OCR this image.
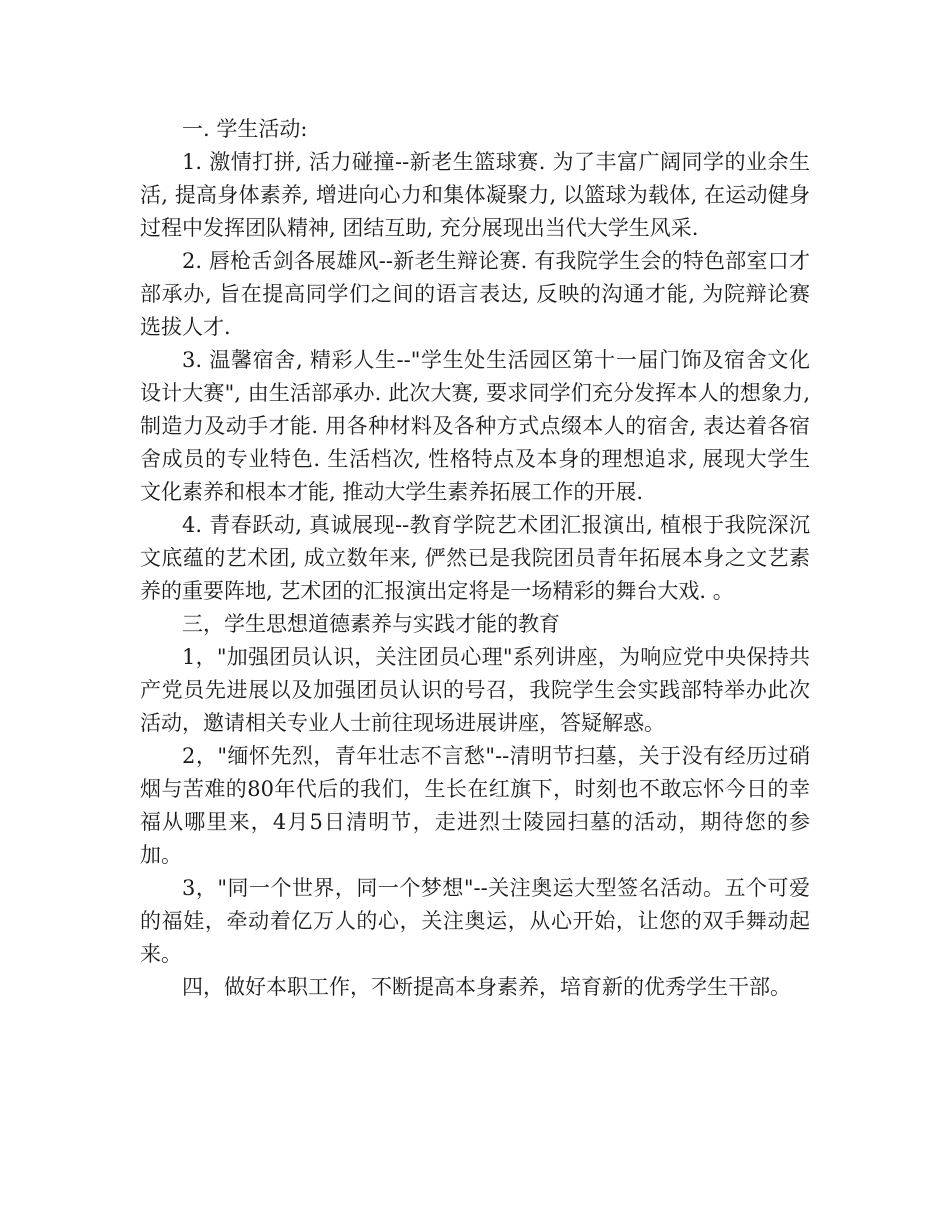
一. 学生活动:

1. 激情打拼, 活力碰撞--新老生篮球赛. 为了丰富广阔同学的业余生活, 提高身体素养, 增进向心力和集体凝聚力, 以篮球为载体, 在运动健身过程中发挥团队精神, 团结互助, 充分展现出当代大学生风采.

2. 唇枪舌剑各展雄风--新老生辩论赛. 有我院学生会的特色部室口才部承办, 旨在提高同学们之间的语言表达, 反映的沟通才能, 为院辩论赛选拔人才.

3. 温馨宿舍, 精彩人生--"学生处生活园区第十一届门饰及宿舍文化设计大赛", 由生活部承办. 此次大赛, 要求同学们充分发挥本人的想象力, 制造力及动手才能. 用各种材料及各种方式点缀本人的宿舍, 表达着各宿舍成员的专业特色. 生活档次, 性格特点及本身的理想追求, 展现大学生文化素养和根本才能, 推动大学生素养拓展工作的开展.

4. 青春跃动, 真诚展现--教育学院艺术团汇报演出, 植根于我院深沉文底蕴的艺术团, 成立数年来, 俨然已是我院团员青年拓展本身之文艺素养的重要阵地, 艺术团的汇报演出定将是一场精彩的舞台大戏. 。

三，学生思想道德素养与实践才能的教育

1，"加强团员认识，关注团员心理"系列讲座，为响应党中央保持共产党员先进展以及加强团员认识的号召，我院学生会实践部特举办此次活动，邀请相关专业人士前往现场进展讲座，答疑解惑。

2，"缅怀先烈，青年壮志不言愁"--清明节扫墓，关于没有经历过硝烟与苦难的80年代后的我们，生长在红旗下，时刻也不敢忘怀今日的幸福从哪里来，4月5日清明节，走进烈士陵园扫墓的活动，期待您的参加。

3，"同一个世界，同一个梦想"--关注奥运大型签名活动。五个可爱的福娃，牵动着亿万人的心，关注奥运，从心开始，让您的双手舞动起来。

四，做好本职工作，不断提高本身素养，培育新的优秀学生干部。
